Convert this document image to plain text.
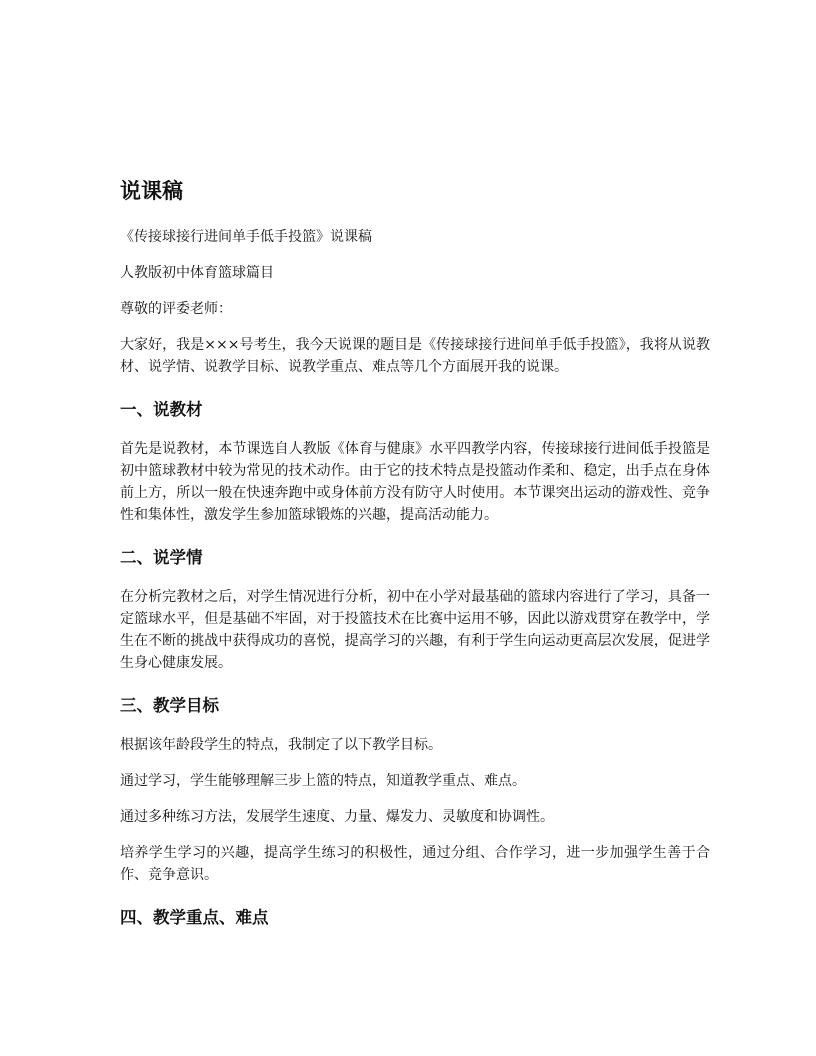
说课稿

《传接球接行进间单手低手投篮》说课稿

人教版初中体育篮球篇目

尊敬的评委老师：

大家好，我是×××号考生，我今天说课的题目是《传接球接行进间单手低手投篮》，我将从说教材、说学情、说教学目标、说教学重点、难点等几个方面展开我的说课。

一、说教材

首先是说教材，本节课选自人教版《体育与健康》水平四教学内容，传接球接行进间低手投篮是初中篮球教材中较为常见的技术动作。由于它的技术特点是投篮动作柔和、稳定，出手点在身体前上方，所以一般在快速奔跑中或身体前方没有防守人时使用。本节课突出运动的游戏性、竞争性和集体性，激发学生参加篮球锻炼的兴趣，提高活动能力。

二、说学情

在分析完教材之后，对学生情况进行分析，初中在小学对最基础的篮球内容进行了学习，具备一定篮球水平，但是基础不牢固，对于投篮技术在比赛中运用不够，因此以游戏贯穿在教学中，学生在不断的挑战中获得成功的喜悦，提高学习的兴趣，有利于学生向运动更高层次发展，促进学生身心健康发展。

三、教学目标

根据该年龄段学生的特点，我制定了以下教学目标。

通过学习，学生能够理解三步上篮的特点，知道教学重点、难点。

通过多种练习方法，发展学生速度、力量、爆发力、灵敏度和协调性。

培养学生学习的兴趣，提高学生练习的积极性，通过分组、合作学习，进一步加强学生善于合作、竞争意识。

四、教学重点、难点
